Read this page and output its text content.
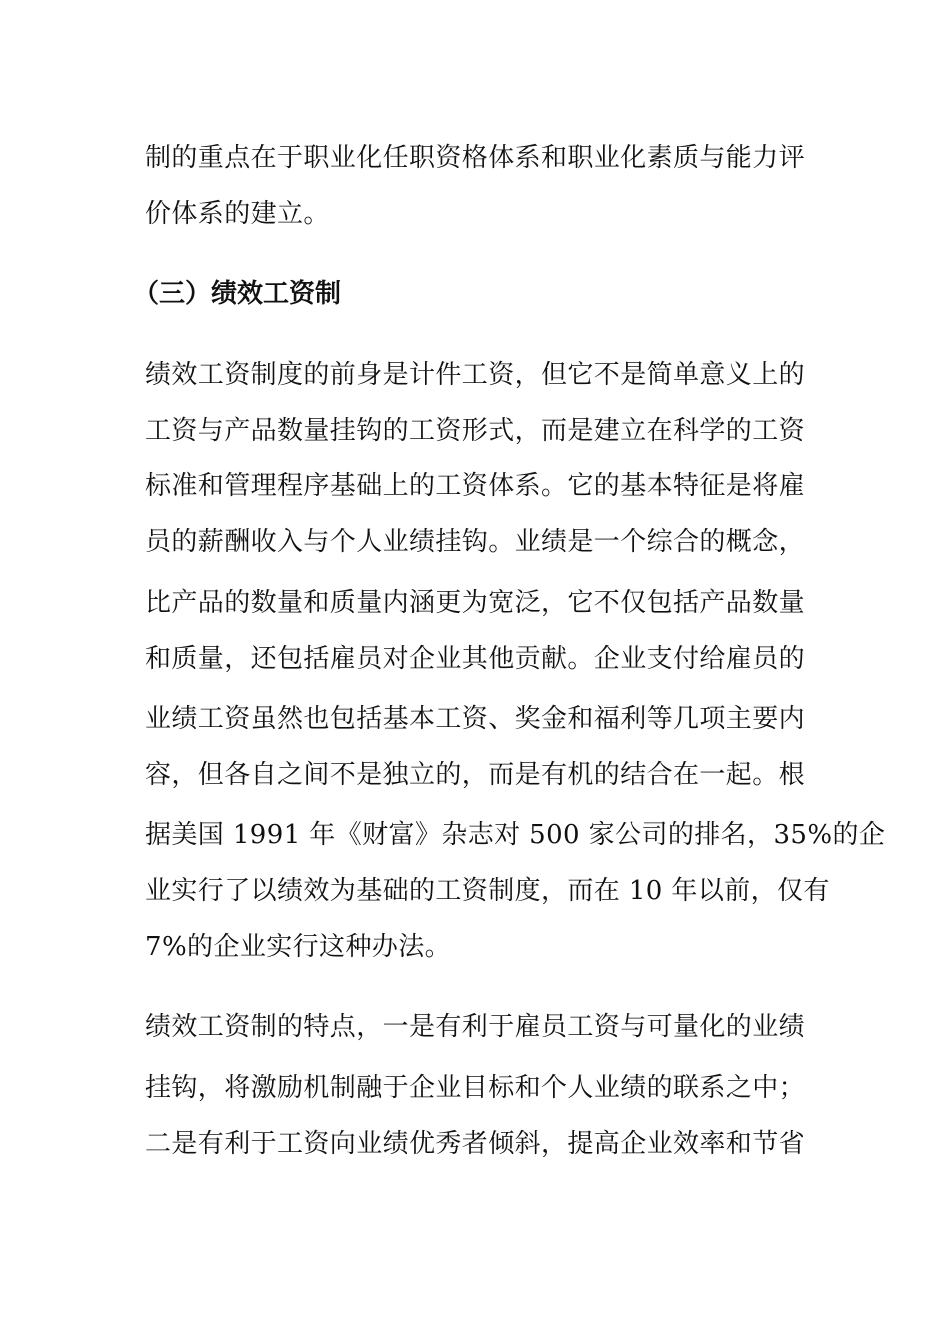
制的重点在于职业化任职资格体系和职业化素质与能力评
价体系的建立。
（三）绩效工资制
绩效工资制度的前身是计件工资，但它不是简单意义上的
工资与产品数量挂钩的工资形式，而是建立在科学的工资
标准和管理程序基础上的工资体系。它的基本特征是将雇
员的薪酬收入与个人业绩挂钩。业绩是一个综合的概念，
比产品的数量和质量内涵更为宽泛，它不仅包括产品数量
和质量，还包括雇员对企业其他贡献。企业支付给雇员的
业绩工资虽然也包括基本工资、奖金和福利等几项主要内
容，但各自之间不是独立的，而是有机的结合在一起。根
据美国 1991 年《财富》杂志对 500 家公司的排名，35%的企
业实行了以绩效为基础的工资制度，而在 10 年以前，仅有
7%的企业实行这种办法。
绩效工资制的特点，一是有利于雇员工资与可量化的业绩
挂钩，将激励机制融于企业目标和个人业绩的联系之中；
二是有利于工资向业绩优秀者倾斜，提高企业效率和节省
